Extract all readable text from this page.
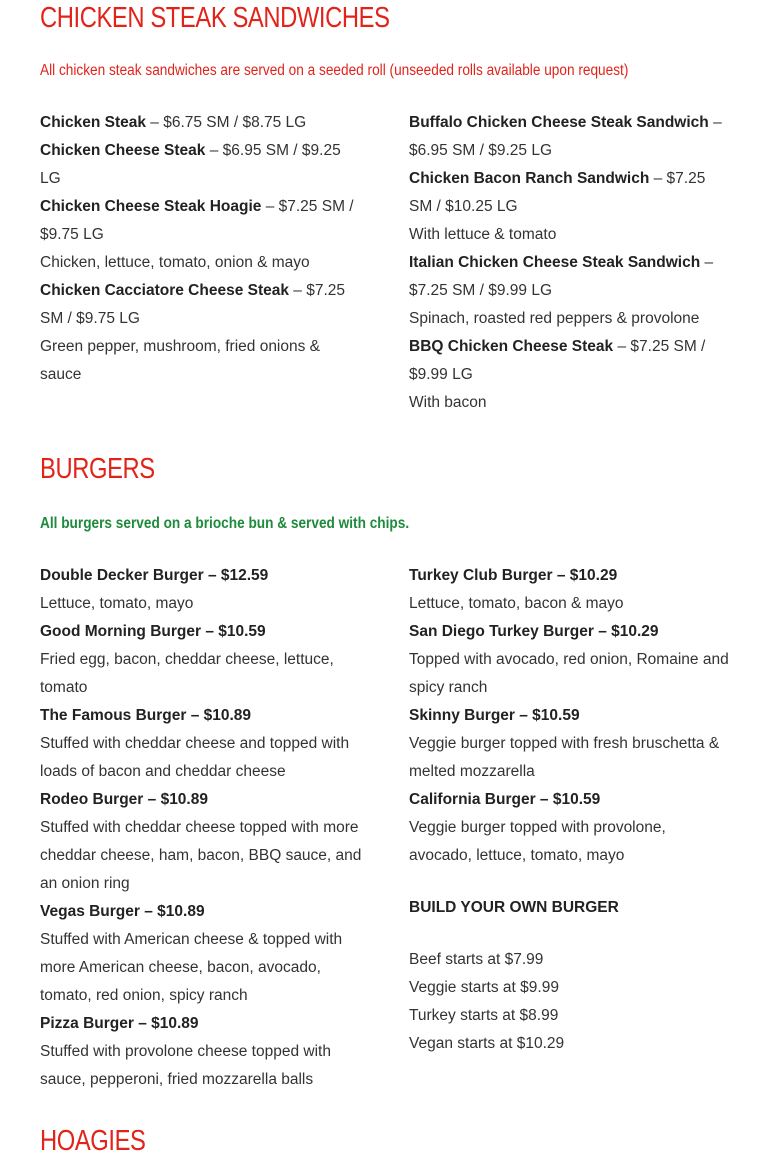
CHICKEN STEAK SANDWICHES

All chicken steak sandwiches are served on a seeded roll (unseeded rolls available upon request)

Chicken Steak – $6.75 SM / $8.75 LG
Chicken Cheese Steak – $6.95 SM / $9.25 LG
Chicken Cheese Steak Hoagie – $7.25 SM / $9.75 LG
Chicken, lettuce, tomato, onion & mayo
Chicken Cacciatore Cheese Steak – $7.25 SM / $9.75 LG
Green pepper, mushroom, fried onions & sauce
Buffalo Chicken Cheese Steak Sandwich – $6.95 SM / $9.25 LG
Chicken Bacon Ranch Sandwich – $7.25 SM / $10.25 LG
With lettuce & tomato
Italian Chicken Cheese Steak Sandwich – $7.25 SM / $9.99 LG
Spinach, roasted red peppers & provolone
BBQ Chicken Cheese Steak – $7.25 SM / $9.99 LG
With bacon
BURGERS

All burgers served on a brioche bun & served with chips.

Double Decker Burger – $12.59
Lettuce, tomato, mayo
Good Morning Burger – $10.59
Fried egg, bacon, cheddar cheese, lettuce, tomato
The Famous Burger – $10.89
Stuffed with cheddar cheese and topped with loads of bacon and cheddar cheese
Rodeo Burger – $10.89
Stuffed with cheddar cheese topped with more cheddar cheese, ham, bacon, BBQ sauce, and an onion ring
Vegas Burger – $10.89
Stuffed with American cheese & topped with more American cheese, bacon, avocado, tomato, red onion, spicy ranch
Pizza Burger – $10.89
Stuffed with provolone cheese topped with sauce, pepperoni, fried mozzarella balls
Turkey Club Burger – $10.29
Lettuce, tomato, bacon & mayo
San Diego Turkey Burger – $10.29
Topped with avocado, red onion, Romaine and spicy ranch
Skinny Burger – $10.59
Veggie burger topped with fresh bruschetta & melted mozzarella
California Burger – $10.59
Veggie burger topped with provolone, avocado, lettuce, tomato, mayo
BUILD YOUR OWN BURGER
Beef starts at $7.99
Veggie starts at $9.99
Turkey starts at $8.99
Vegan starts at $10.29
HOAGIES
